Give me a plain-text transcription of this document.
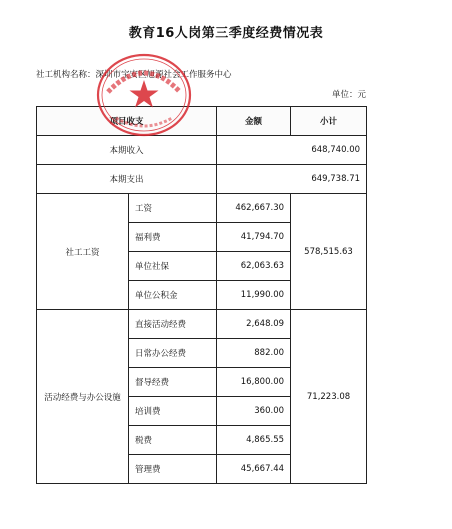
教育16人岗第三季度经费情况表
社工机构名称：深圳市宝安区旭源社会工作服务中心
单位：元
项目收支		金额	小计
本期收入		648,740.00	
本期支出		649,738.71	
社工工资	工资	462,667.30	578,515.63
	福利费	41,794.70	
	单位社保	62,063.63	
	单位公积金	11,990.00	
活动经费与办公设施	直接活动经费	2,648.09	71,223.08
	日常办公经费	882.00	
	督导经费	16,800.00	
	培训费	360.00	
	税费	4,865.55	
	管理费	45,667.44	
